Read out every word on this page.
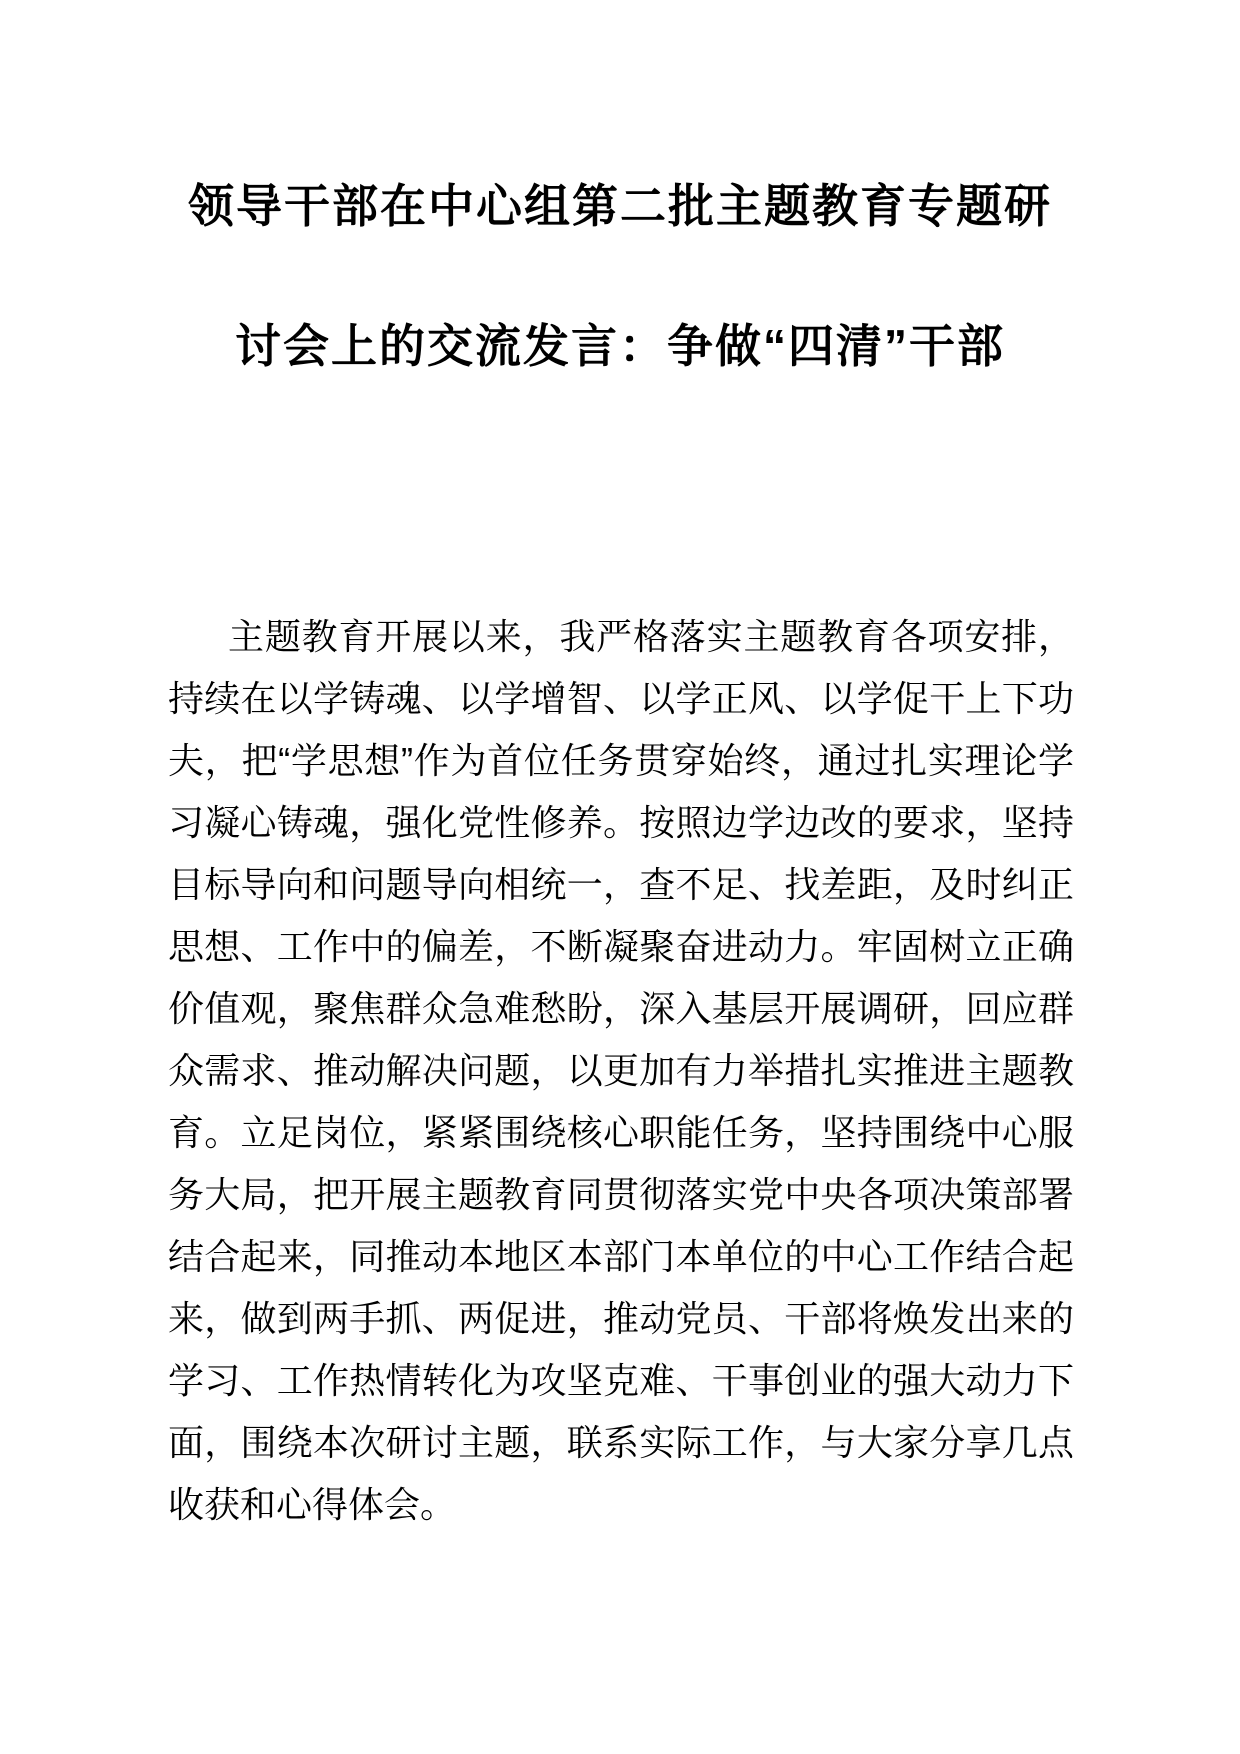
领导干部在中心组第二批主题教育专题研
讨会上的交流发言：争做“四清”干部

主题教育开展以来，我严格落实主题教育各项安排，持续在以学铸魂、以学增智、以学正风、以学促干上下功夫，把“学思想”作为首位任务贯穿始终，通过扎实理论学习凝心铸魂，强化党性修养。按照边学边改的要求，坚持目标导向和问题导向相统一，查不足、找差距，及时纠正思想、工作中的偏差，不断凝聚奋进动力。牢固树立正确价值观，聚焦群众急难愁盼，深入基层开展调研，回应群众需求、推动解决问题，以更加有力举措扎实推进主题教育。立足岗位，紧紧围绕核心职能任务，坚持围绕中心服务大局，把开展主题教育同贯彻落实党中央各项决策部署结合起来，同推动本地区本部门本单位的中心工作结合起来，做到两手抓、两促进，推动党员、干部将焕发出来的学习、工作热情转化为攻坚克难、干事创业的强大动力下面，围绕本次研讨主题，联系实际工作，与大家分享几点收获和心得体会。
